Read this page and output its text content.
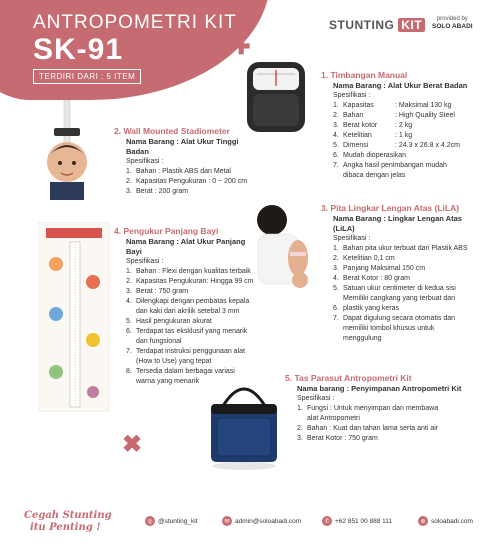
ANTROPOMETRI KIT
SK-91
TERDIRI DARI : 5 ITEM
✚
✖
STUNTING KIT	provided by
SOLO ABADI
1. Timbangan Manual
Nama Barang : Alat Ukur Berat Badan
Spesifikasi :
1. Kapasitas	: Maksimal 130 kg
2. Bahan	: High Quality Steel
3. Berat kotor	: 2 kg
4. Ketelitian	: 1 kg
5. Dimensi	: 24.3 x 26.8 x 4.2cm
6. Mudah dioperasikan
7. Angka hasil penimbangan mudah
dibaca dengan jelas
2. Wall Mounted Stadiometer
Nama Barang : Alat Ukur Tinggi
Badan
Spesifikasi :
1. Bahan : Plastik ABS dan Metal
2. Kapasitas Pengukuran : 0 ~ 200 cm
3. Berat : 200 gram
3. Pita Lingkar Lengan Atas (LiLA)
Nama Barang : Lingkar Lengan Atas
(LiLA)
Spesifikasi :
1. Bahan pita ukur terbuat dari Plastik ABS
2. Ketelitian 0,1 cm
3. Panjang Maksimal 150 cm
4. Berat Kotor : 80 gram
5. Satuan ukur centimeter di kedua sisi
Memiliki cangkang yang terbuat dari
6. plastik yang keras
7. Dapat digulung secara otomatis dan
memiliki tombol khusus untuk
menggulung
4. Pengukur Panjang Bayi
Nama Barang : Alat Ukur Panjang
Bayi
Spesifikasi :
1. Bahan : Flexi dengan kualitas terbaik
2. Kapasitas Pengukuran: Hingga 99 cm
3. Berat : 750 gram
4. Dilengkapi dengan pembatas kepala
dan kaki dari akrilik setebal 3 mm
5. Hasil pengukuran akurat
6. Terdapat tas eksklusif yang menarik
dan fungsional
7. Terdapat instruksi penggunaan alat
(How to Use) yang tepat
8. Tersedia dalam berbagai variasi
warna yang menarik	5. Tas Parasut Antropometri Kit
Nama barang : Penyimpanan Antropometri Kit
Spesifikasi :
1. Fungsi : Untuk menyimpan dan membawa
alat Antropometri
2. Bahan : Kuat dan tahan lama serta anti air
3. Berat Kotor : 750 gram
Cegah Stunting
itu Penting !
◎ @stunting_kit	✉ admin@soloabadi.com	✆ +62 851 00 888 111	⊕ soloabadi.com
